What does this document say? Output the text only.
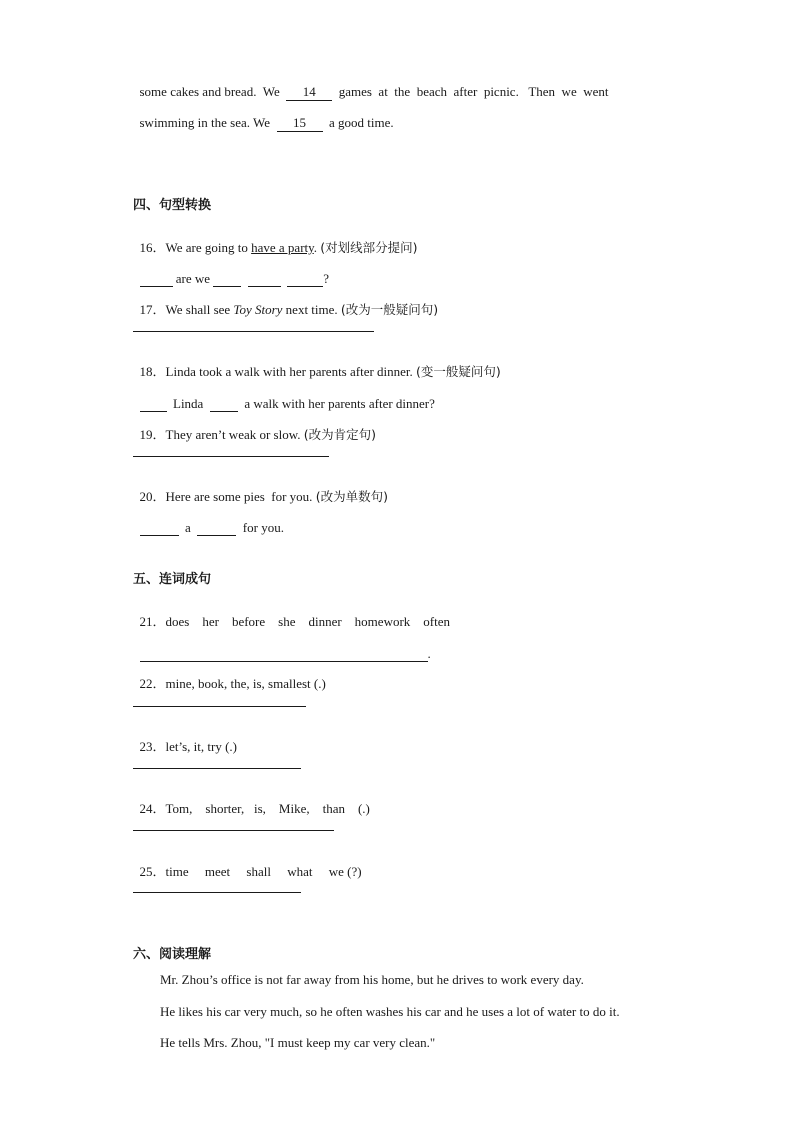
some cakes and bread.  We  14  games  at  the  beach  after  picnic.   Then  we  went

swimming in the sea. We  15  a good time.

四、句型转换

16．We are going to have a party. (对划线部分提问)

are we	?

17．We shall see Toy Story next time. (改为一般疑问句)

18．Linda took a walk with her parents after dinner. (变一般疑问句)

Linda    a walk with her parents after dinner?

19．They aren’t weak or slow. (改为肯定句)

20．Here are some pies  for you. (改为单数句)

a	for you.

五、连词成句

21．does    her    before    she    dinner    homework    often

.

22．mine, book, the, is, smallest (.)

23．let’s, it, try (.)

24．Tom,    shorter,   is,    Mike,    than    (.)

25．time     meet     shall     what     we (?)

六、阅读理解
Mr. Zhou’s office is not far away from his home, but he drives to work every day.
He likes his car very much, so he often washes his car and he uses a lot of water to do it.
He tells Mrs. Zhou, "I must keep my car very clean."
